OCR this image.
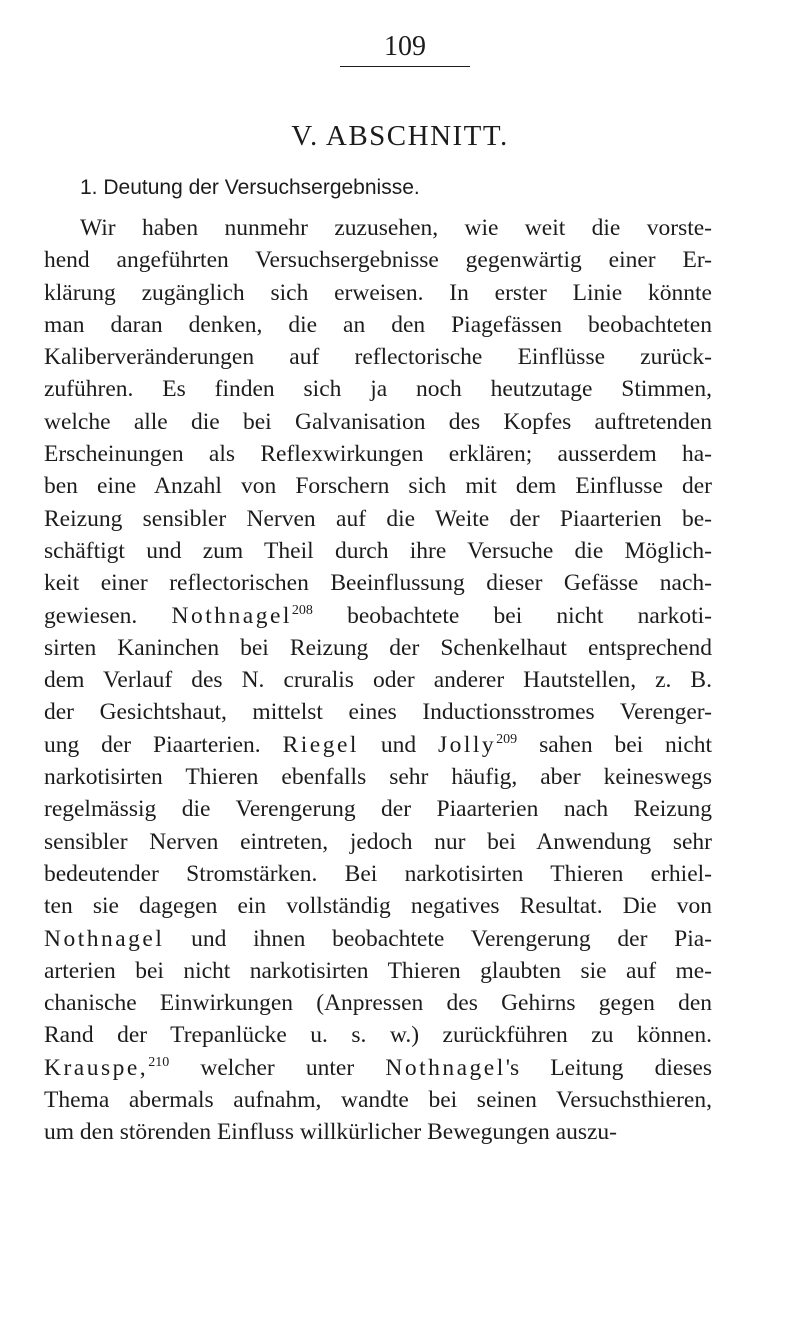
109
V. ABSCHNITT.
1. Deutung der Versuchsergebnisse.
Wir haben nunmehr zuzusehen, wie weit die vorste-
hend angeführten Versuchsergebnisse gegenwärtig einer Er-
klärung zugänglich sich erweisen. In erster Linie könnte
man daran denken, die an den Piagefässen beobachteten
Kaliberveränderungen auf reflectorische Einflüsse zurück-
zuführen. Es finden sich ja noch heutzutage Stimmen,
welche alle die bei Galvanisation des Kopfes auftretenden
Erscheinungen als Reflexwirkungen erklären; ausserdem ha-
ben eine Anzahl von Forschern sich mit dem Einflusse der
Reizung sensibler Nerven auf die Weite der Piaarterien be-
schäftigt und zum Theil durch ihre Versuche die Möglich-
keit einer reflectorischen Beeinflussung dieser Gefässe nach-
gewiesen. Nothnagel$^{208}$ beobachtete bei nicht narkoti-
sirten Kaninchen bei Reizung der Schenkelhaut entsprechend
dem Verlauf des N. cruralis oder anderer Hautstellen, z. B.
der Gesichtshaut, mittelst eines Inductionsstromes Verenger-
ung der Piaarterien. Riegel und Jolly$^{209}$ sahen bei nicht
narkotisirten Thieren ebenfalls sehr häufig, aber keineswegs
regelmässig die Verengerung der Piaarterien nach Reizung
sensibler Nerven eintreten, jedoch nur bei Anwendung sehr
bedeutender Stromstärken. Bei narkotisirten Thieren erhiel-
ten sie dagegen ein vollständig negatives Resultat. Die von
Nothnagel und ihnen beobachtete Verengerung der Pia-
arterien bei nicht narkotisirten Thieren glaubten sie auf me-
chanische Einwirkungen (Anpressen des Gehirns gegen den
Rand der Trepanlücke u. s. w.) zurückführen zu können.
Krauspe,$^{210}$ welcher unter Nothnagel's Leitung dieses
Thema abermals aufnahm, wandte bei seinen Versuchsthieren,
um den störenden Einfluss willkürlicher Bewegungen auszu-
